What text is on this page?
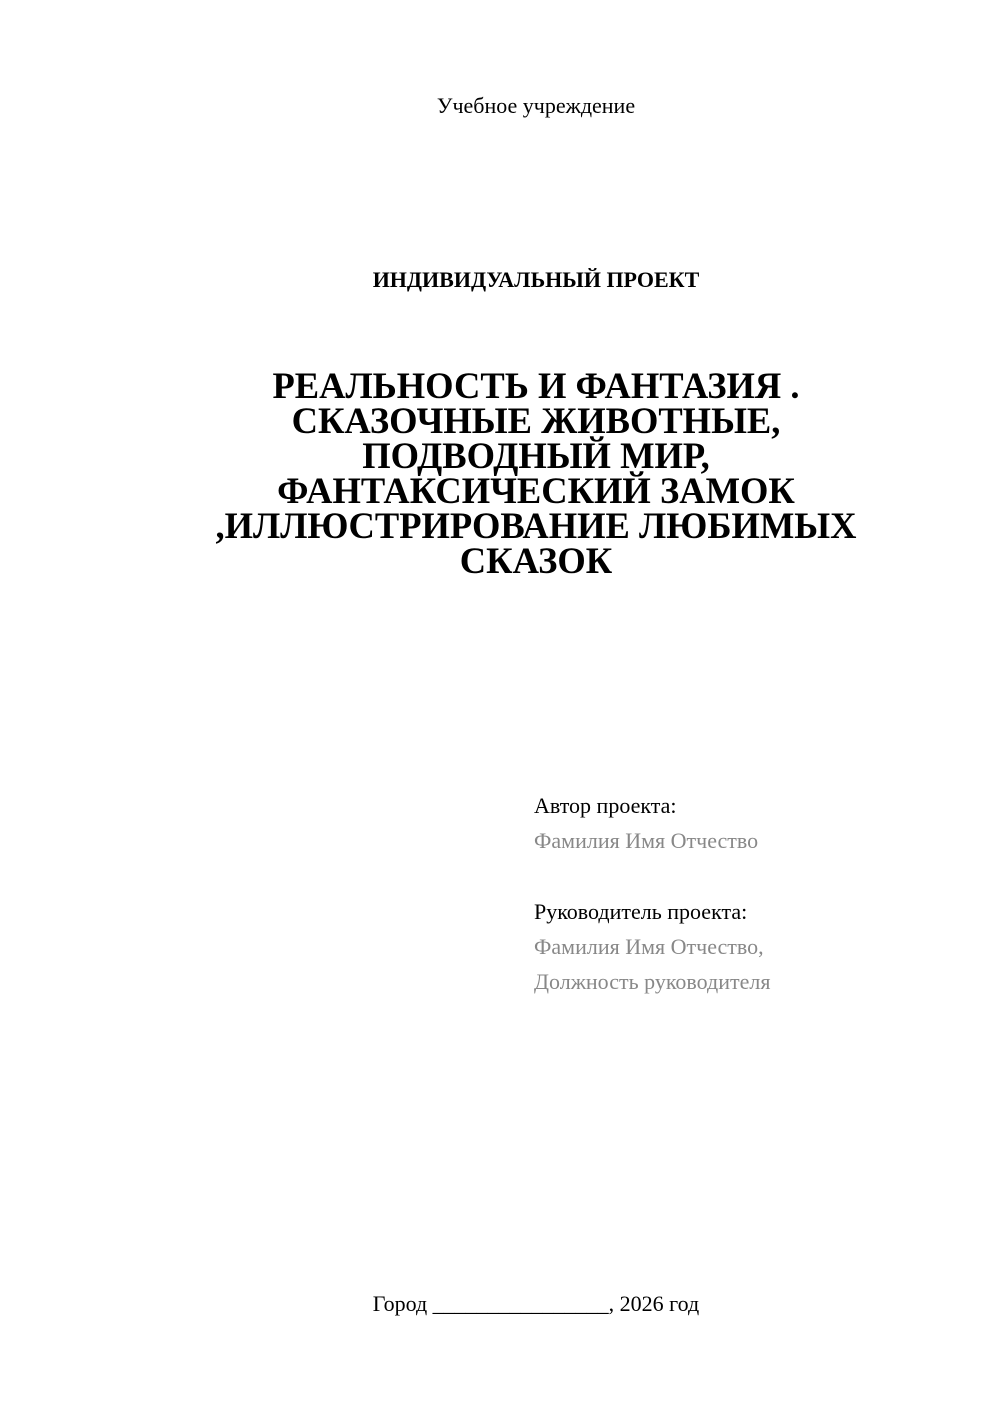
Учебное учреждение
ИНДИВИДУАЛЬНЫЙ ПРОЕКТ
РЕАЛЬНОСТЬ И ФАНТАЗИЯ .
СКАЗОЧНЫЕ ЖИВОТНЫЕ,
ПОДВОДНЫЙ МИР,
ФАНТАКСИЧЕСКИЙ ЗАМОК
,ИЛЛЮСТРИРОВАНИЕ ЛЮБИМЫХ
СКАЗОК
Автор проекта:
Фамилия Имя Отчество
Руководитель проекта:
Фамилия Имя Отчество,
Должность руководителя
Город ________________, 2026 год
